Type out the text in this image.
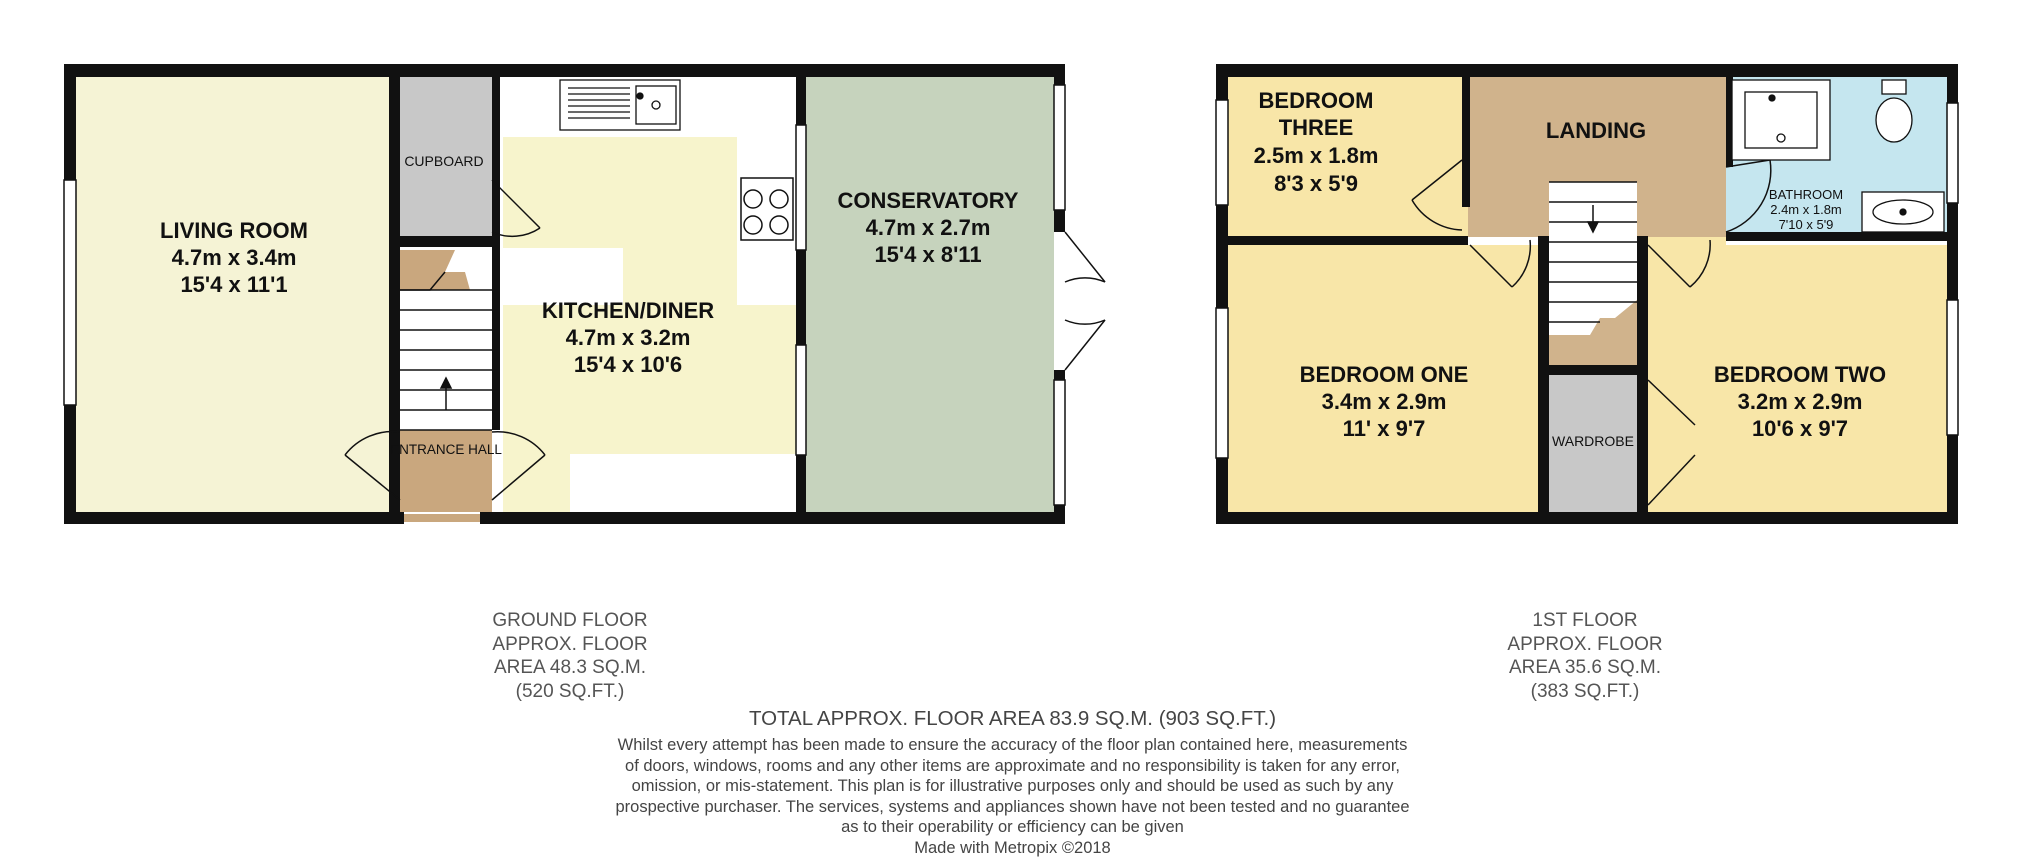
LIVING ROOM
4.7m x 3.4m
15'4 x 11'1
CUPBOARD
ENTRANCE HALL
KITCHEN/DINER
4.7m x 3.2m
15'4 x 10'6
CONSERVATORY
4.7m x 2.7m
15'4 x 8'11
BEDROOM
THREE
2.5m x 1.8m
8'3 x 5'9
LANDING
BATHROOM
2.4m x 1.8m
7'10 x 5'9
BEDROOM ONE
3.4m x 2.9m
11' x 9'7	WARDROBE
BEDROOM TWO
3.2m x 2.9m
10'6 x 9'7
GROUND FLOOR
APPROX. FLOOR
AREA 48.3 SQ.M.
(520 SQ.FT.)
1ST FLOOR
APPROX. FLOOR
AREA 35.6 SQ.M.
(383 SQ.FT.)
TOTAL APPROX. FLOOR AREA 83.9 SQ.M. (903 SQ.FT.)
Whilst every attempt has been made to ensure the accuracy of the floor plan contained here, measurements
of doors, windows, rooms and any other items are approximate and no responsibility is taken for any error,
omission, or mis-statement. This plan is for illustrative purposes only and should be used as such by any
prospective purchaser. The services, systems and appliances shown have not been tested and no guarantee
as to their operability or efficiency can be given
Made with Metropix ©2018
